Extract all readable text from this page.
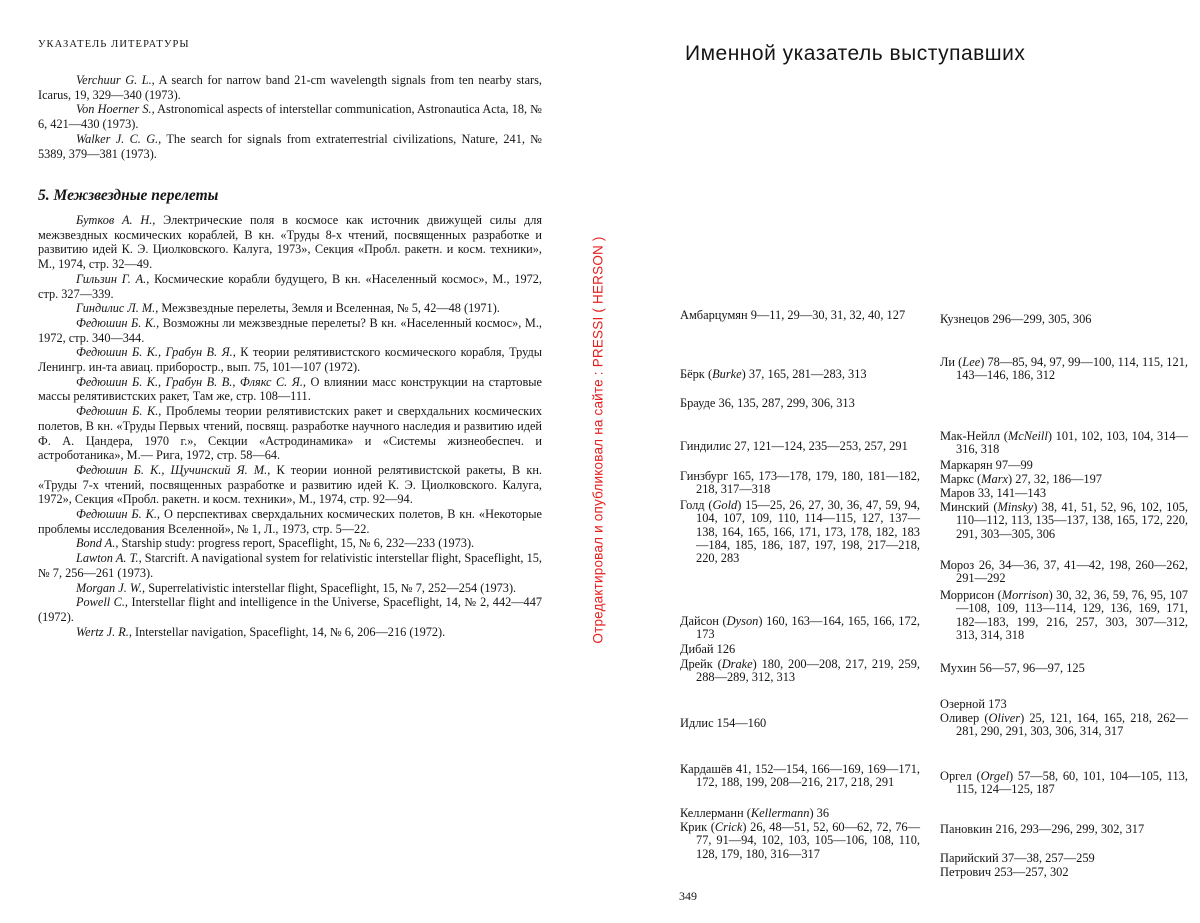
УКАЗАТЕЛЬ ЛИТЕРАТУРЫ

Verchuur G. L., A search for narrow band 21-cm wavelength signals from ten nearby stars, Icarus, 19, 329—340 (1973).

Von Hoerner S., Astronomical aspects of interstellar communication, Astronautica Acta, 18, № 6, 421—430 (1973).

Walker J. C. G., The search for signals from extraterrestrial civilizations, Nature, 241, № 5389, 379—381 (1973).

5. Межзвездные перелеты

Бутков А. Н., Электрические поля в космосе как источник движущей силы для межзвездных космических кораблей, В кн. «Труды 8-х чтений, посвященных разработке и развитию идей К. Э. Циолковского. Калуга, 1973», Секция «Пробл. ракетн. и косм. техники», М., 1974, стр. 32—49.

Гильзин Г. А., Космические корабли будущего, В кн. «Населенный космос», М., 1972, стр. 327—339.

Гиндилис Л. М., Межзвездные перелеты, Земля и Вселенная, № 5, 42—48 (1971).

Федюшин Б. К., Возможны ли межзвездные перелеты? В кн. «Населенный космос», М., 1972, стр. 340—344.

Федюшин Б. К., Грабун В. Я., К теории релятивистского космического корабля, Труды Ленингр. ин-та авиац. приборостр., вып. 75, 101—107 (1972).

Федюшин Б. К., Грабун В. В., Флякс С. Я., О влиянии масс конструкции на стартовые массы релятивистских ракет, Там же, стр. 108—111.

Федюшин Б. К., Проблемы теории релятивистских ракет и сверхдальних космических полетов, В кн. «Труды Первых чтений, посвящ. разработке научного наследия и развитию идей Ф. А. Цандера, 1970 г.», Секции «Астродинамика» и «Системы жизнеобеспеч. и астроботаника», М.— Рига, 1972, стр. 58—64.

Федюшин Б. К., Щучинский Я. М., К теории ионной релятивистской ракеты, В кн. «Труды 7-х чтений, посвященных разработке и развитию идей К. Э. Циолковского. Калуга, 1972», Секция «Пробл. ракетн. и косм. техники», М., 1974, стр. 92—94.

Федюшин Б. К., О перспективах сверхдальних космических полетов, В кн. «Некоторые проблемы исследования Вселенной», № 1, Л., 1973, стр. 5—22.

Bond A., Starship study: progress report, Spaceflight, 15, № 6, 232—233 (1973).

Lawton A. T., Starcrift. A navigational system for relativistic interstellar flight, Spaceflight, 15, № 7, 256—261 (1973).

Morgan J. W., Superrelativistic interstellar flight, Spaceflight, 15, № 7, 252—254 (1973).

Powell C., Interstellar flight and intelligence in the Universe, Spaceflight, 14, № 2, 442—447 (1972).

Wertz J. R., Interstellar navigation, Spaceflight, 14, № 6, 206—216 (1972).	Отредактировал и опубликовал на сайте : PRESSI ( HERSON )
Именной указатель выступавших
Амбарцумян 9—11, 29—30, 31, 32, 40, 127
Бёрк (Burke) 37, 165, 281—283, 313
Брауде 36, 135, 287, 299, 306, 313
Гиндилис 27, 121—124, 235—253, 257, 291
Гинзбург 165, 173—178, 179, 180, 181—182, 218, 317—318
Голд (Gold) 15—25, 26, 27, 30, 36, 47, 59, 94, 104, 107, 109, 110, 114—115, 127, 137—138, 164, 165, 166, 171, 173, 178, 182, 183—184, 185, 186, 187, 197, 198, 217—218, 220, 283
Дайсон (Dyson) 160, 163—164, 165, 166, 172, 173
Дибай 126
Дрейк (Drake) 180, 200—208, 217, 219, 259, 288—289, 312, 313
Идлис 154—160
Кардашёв 41, 152—154, 166—169, 169—171, 172, 188, 199, 208—216, 217, 218, 291
Келлерманн (Kellermann) 36
Крик (Crick) 26, 48—51, 52, 60—62, 72, 76—77, 91—94, 102, 103, 105—106, 108, 110, 128, 179, 180, 316—317
Кузнецов 296—299, 305, 306
Ли (Lee) 78—85, 94, 97, 99—100, 114, 115, 121, 143—146, 186, 312
Мак-Нейлл (McNeill) 101, 102, 103, 104, 314—316, 318
Маркарян 97—99
Маркс (Marx) 27, 32, 186—197
Маров 33, 141—143
Минский (Minsky) 38, 41, 51, 52, 96, 102, 105, 110—112, 113, 135—137, 138, 165, 172, 220, 291, 303—305, 306
Мороз 26, 34—36, 37, 41—42, 198, 260—262, 291—292
Моррисон (Morrison) 30, 32, 36, 59, 76, 95, 107—108, 109, 113—114, 129, 136, 169, 171, 182—183, 199, 216, 257, 303, 307—312, 313, 314, 318
Мухин 56—57, 96—97, 125
Озерной 173
Оливер (Oliver) 25, 121, 164, 165, 218, 262—281, 290, 291, 303, 306, 314, 317
Оргел (Orgel) 57—58, 60, 101, 104—105, 113, 115, 124—125, 187
Пановкин 216, 293—296, 299, 302, 317
Парийский 37—38, 257—259
Петрович 253—257, 302
349
